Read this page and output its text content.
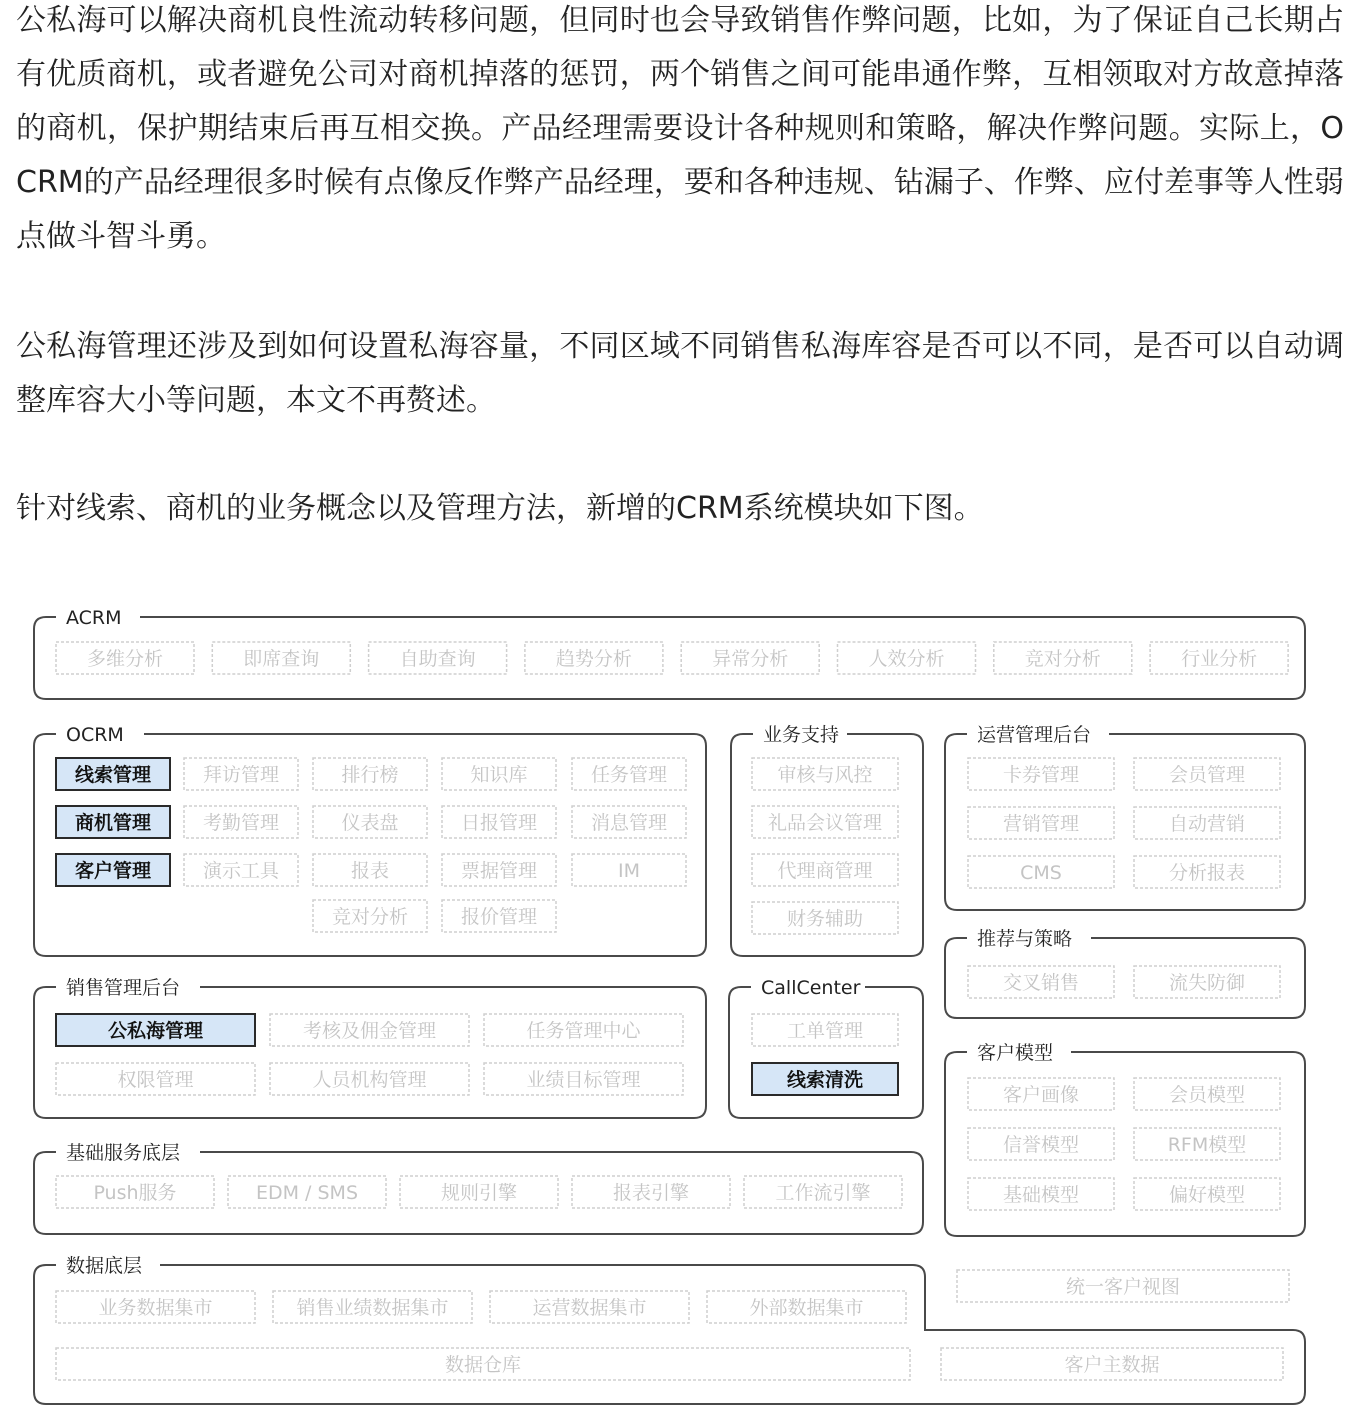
公私海可以解决商机良性流动转移问题，但同时也会导致销售作弊问题，比如，为了保证自己长期占有优质商机，或者避免公司对商机掉落的惩罚，两个销售之间可能串通作弊，互相领取对方故意掉落的商机，保护期结束后再互相交换。产品经理需要设计各种规则和策略，解决作弊问题。实际上，OCRM的产品经理很多时候有点像反作弊产品经理，要和各种违规、钻漏子、作弊、应付差事等人性弱点做斗智斗勇。

公私海管理还涉及到如何设置私海容量，不同区域不同销售私海库容是否可以不同，是否可以自动调整库容大小等问题，本文不再赘述。

针对线索、商机的业务概念以及管理方法，新增的CRM系统模块如下图。

ACRM
多维分析	即席查询	自助查询	趋势分析	异常分析	人效分析	竞对分析	行业分析
OCRM
线索管理
商机管理
客户管理
拜访管理	排行榜	知识库	任务管理
考勤管理	仪表盘	日报管理	消息管理
演示工具	报表	票据管理	IM
竞对分析	报价管理
业务支持
审核与风控
礼品会议管理
代理商管理
财务辅助
运营管理后台
卡券管理	会员管理
营销管理	自动营销
CMS	分析报表
推荐与策略
交叉销售	流失防御
销售管理后台
公私海管理	考核及佣金管理	任务管理中心
权限管理	人员机构管理	业绩目标管理
CallCenter
工单管理
线索清洗
客户模型
客户画像	会员模型
信誉模型	RFM模型
基础模型	偏好模型
基础服务底层
Push服务	EDM / SMS	规则引擎	报表引擎	工作流引擎
数据底层
业务数据集市	销售业绩数据集市	运营数据集市	外部数据集市
统一客户视图
数据仓库	客户主数据
